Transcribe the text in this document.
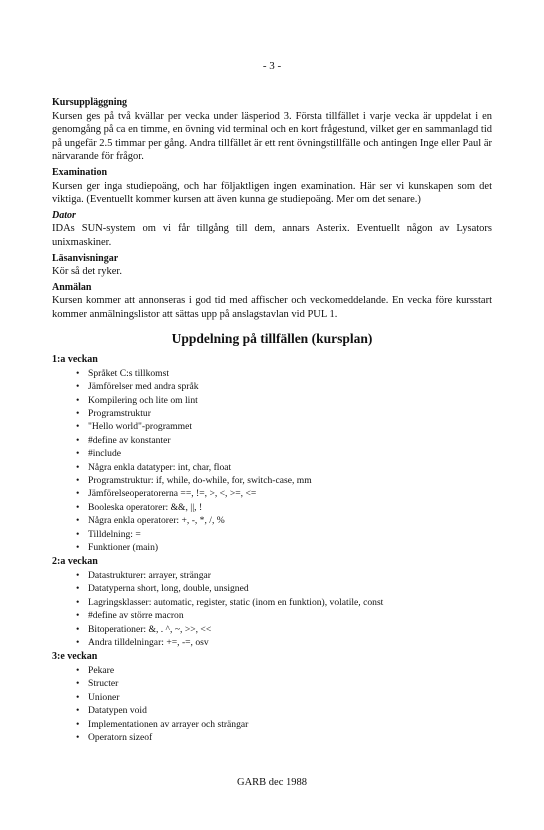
- 3 -
Kursuppläggning
Kursen ges på två kvällar per vecka under läsperiod 3. Första tillfället i varje vecka är uppdelat i en genomgång på ca en timme, en övning vid terminal och en kort frågestund, vilket ger en sammanlagd tid på ungefär 2.5 timmar per gång. Andra tillfället är ett rent övningstillfälle och antingen Inge eller Paul är närvarande för frågor.
Examination
Kursen ger inga studiepoäng, och har följaktligen ingen examination. Här ser vi kunskapen som det viktiga. (Eventuellt kommer kursen att även kunna ge studiepoäng. Mer om det senare.)
Dator
IDAs SUN-system om vi får tillgång till dem, annars Asterix. Eventuellt någon av Lysators unixmaskiner.
Läsanvisningar
Kör så det ryker.
Anmälan
Kursen kommer att annonseras i god tid med affischer och veckomeddelande. En vecka före kursstart kommer anmälningslistor att sättas upp på anslagstavlan vid PUL 1.
Uppdelning på tillfällen (kursplan)
1:a veckan
• Språket C:s tillkomst
• Jämförelser med andra språk
• Kompilering och lite om lint
• Programstruktur
• "Hello world"-programmet
• #define av konstanter
• #include
• Några enkla datatyper: int, char, float
• Programstruktur: if, while, do-while, for, switch-case, mm
• Jämförelseoperatorerna ==, !=, >, <, >=, <=
• Booleska operatorer: &&, ||, !
• Några enkla operatorer: +, -, *, /, %
• Tilldelning: =
• Funktioner (main)
2:a veckan
• Datastrukturer: arrayer, strängar
• Datatyperna short, long, double, unsigned
• Lagringsklasser: automatic, register, static (inom en funktion), volatile, const
• #define av större macron
• Bitoperationer: &, . ^, ~, >>, <<
• Andra tilldelningar: +=, -=, osv
3:e veckan
• Pekare
• Structer
• Unioner
• Datatypen void
• Implementationen av arrayer och strängar
• Operatorn sizeof
GARB dec 1988
